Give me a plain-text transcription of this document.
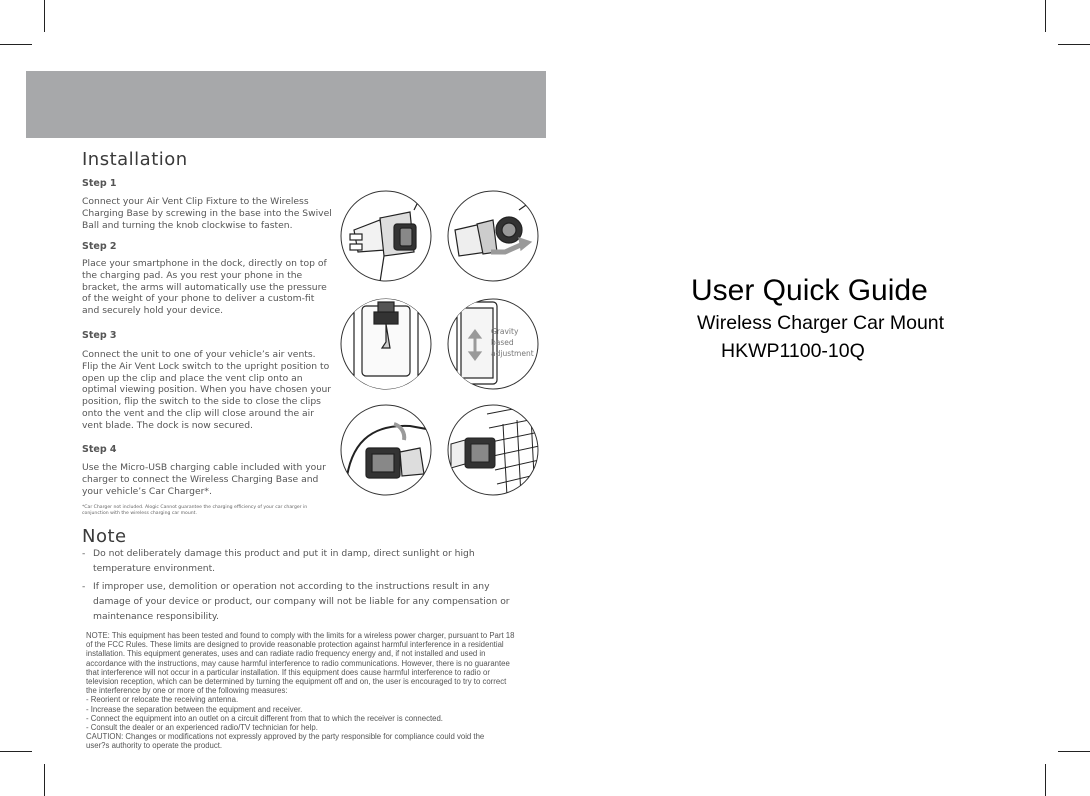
Installation
Step 1

Connect your Air Vent Clip Fixture to the Wireless Charging Base by screwing in the base into the Swivel Ball and turning the knob clockwise to fasten.

Step 2

Place your smartphone in the dock, directly on top of the charging pad. As you rest your phone in the bracket, the arms will automatically use the pressure of the weight of your phone to deliver a custom-fit and securely hold your device.

Step 3

Connect the unit to one of your vehicle’s air vents. Flip the Air Vent Lock switch to the upright position to open up the clip and place the vent clip onto an optimal viewing position. When you have chosen your position, flip the switch to the side to close the clips onto the vent and the clip will close around the air vent blade. The dock is now secured.

Step 4

Use the Micro-USB charging cable included with your charger to connect the Wireless Charging Base and your vehicle’s Car Charger*.

*Car Charger not included. Alogic Cannot guarantee the charging efficiency of your car charger in conjunction with the wireless charging car mount.
Gravity
based
adjustment
Note
- Do not deliberately damage this product and put it in damp, direct sunlight or high temperature environment.
- If improper use, demolition or operation not according to the instructions result in any damage of your device or product, our company will not be liable for any compensation or maintenance responsibility.
NOTE: This equipment has been tested and found to comply with the limits for a wireless power charger, pursuant to Part 18
of the FCC Rules. These limits are designed to provide reasonable protection against harmful interference in a residential
installation. This equipment generates, uses and can radiate radio frequency energy and, if not installed and used in
accordance with the instructions, may cause harmful interference to radio communications. However, there is no guarantee
that interference will not occur in a particular installation. If this equipment does cause harmful interference to radio or
television reception, which can be determined by turning the equipment off and on, the user is encouraged to try to correct
the interference by one or more of the following measures:
- Reorient or relocate the receiving antenna.
- Increase the separation between the equipment and receiver.
- Connect the equipment into an outlet on a circuit different from that to which the receiver is connected.
- Consult the dealer or an experienced radio/TV technician for help.
CAUTION: Changes or modifications not expressly approved by the party responsible for compliance could void the
user?s authority to operate the product.
User Quick Guide
Wireless Charger Car Mount
HKWP1100-10Q
